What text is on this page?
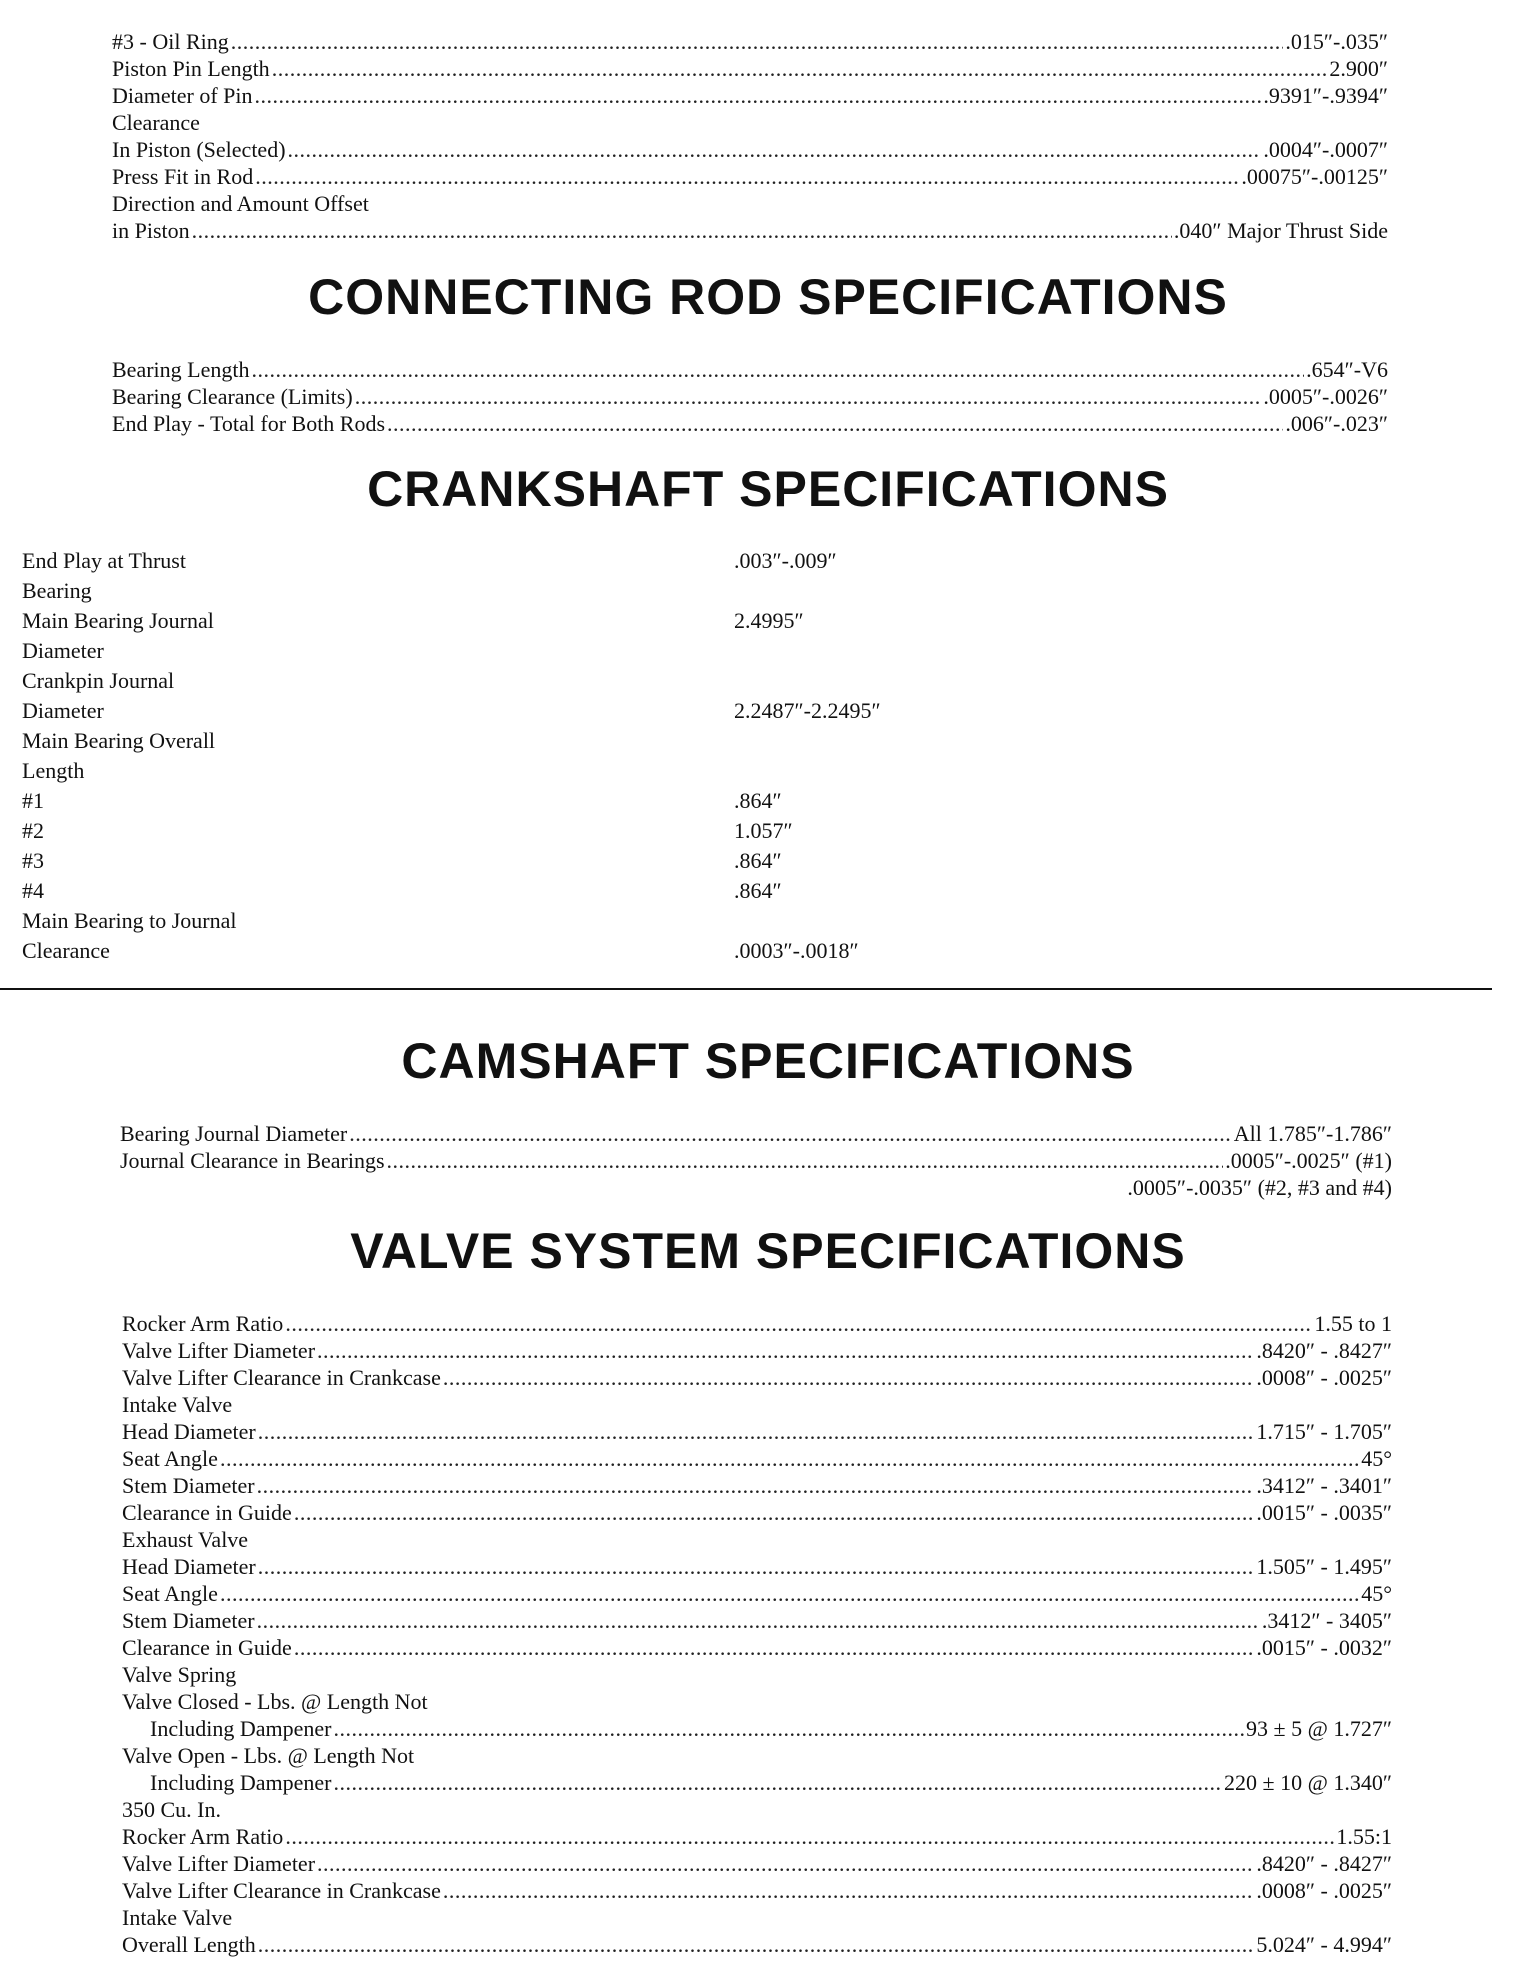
#3 - Oil Ring .....	.015″-.035″
Piston Pin Length .....	2.900″
Diameter of Pin .....	.9391″-.9394″
Clearance
In Piston (Selected) .....	.0004″-.0007″
Press Fit in Rod .....	.00075″-.00125″
Direction and Amount Offset
in Piston .....	.040″ Major Thrust Side
CONNECTING ROD SPECIFICATIONS
Bearing Length .....	.654″-V6
Bearing Clearance (Limits) .....	.0005″-.0026″
End Play - Total for Both Rods .....	.006″-.023″
CRANKSHAFT SPECIFICATIONS
End Play at Thrust	.003″-.009″
Bearing
Main Bearing Journal	2.4995″
Diameter
Crankpin Journal
Diameter	2.2487″-2.2495″
Main Bearing Overall
Length
#1	.864″
#2	1.057″
#3	.864″
#4	.864″
Main Bearing to Journal
Clearance	.0003″-.0018″
CAMSHAFT SPECIFICATIONS
Bearing Journal Diameter .....	All 1.785″-1.786″
Journal Clearance in Bearings .....	.0005″-.0025″ (#1)
.0005″-.0035″ (#2, #3 and #4)
VALVE SYSTEM SPECIFICATIONS
Rocker Arm Ratio .....	1.55 to 1
Valve Lifter Diameter .....	.8420″ - .8427″
Valve Lifter Clearance in Crankcase .....	.0008″ - .0025″
Intake Valve
Head Diameter .....	1.715″ - 1.705″
Seat Angle .....	45°
Stem Diameter .....	.3412″ - .3401″
Clearance in Guide .....	.0015″ - .0035″
Exhaust Valve
Head Diameter .....	1.505″ - 1.495″
Seat Angle .....	45°
Stem Diameter .....	.3412″ - 3405″
Clearance in Guide .....	.0015″ - .0032″
Valve Spring
Valve Closed - Lbs. @ Length Not
Including Dampener .....	93 ± 5 @ 1.727″
Valve Open - Lbs. @ Length Not
Including Dampener .....	220 ± 10 @ 1.340″
350 Cu. In.
Rocker Arm Ratio .....	1.55:1
Valve Lifter Diameter .....	.8420″ - .8427″
Valve Lifter Clearance in Crankcase .....	.0008″ - .0025″
Intake Valve
Overall Length .....	5.024″ - 4.994″
